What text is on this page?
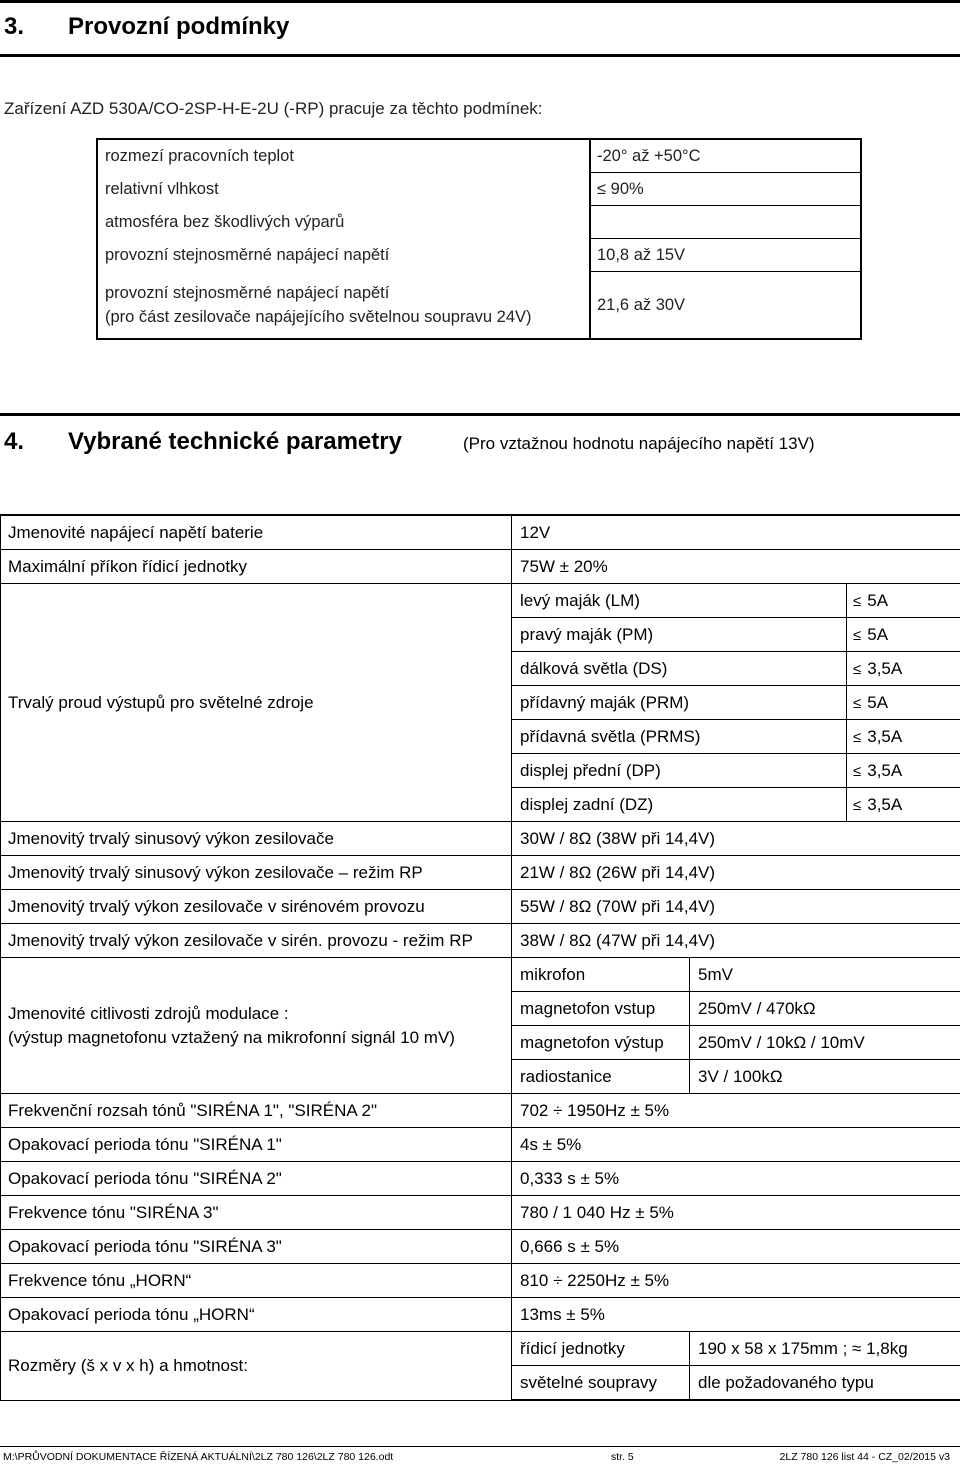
3. Provozní podmínky
Zařízení AZD 530A/CO-2SP-H-E-2U (-RP) pracuje za těchto podmínek:
rozmezí pracovních teplot	-20° až +50°C
relativní vlhkost	≤ 90%
atmosféra bez škodlivých výparů	
provozní stejnosměrné napájecí napětí	10,8 až 15V

provozní stejnosměrné napájecí napětí
(pro část zesilovače napájejícího světelnou soupravu 24V)	21,6 až 30V
4. Vybrané technické parametry	(Pro vztažnou hodnotu napájecího napětí 13V)
Jmenovité napájecí napětí baterie	12V		
Maximální příkon řídicí jednotky	75W ± 20%		
Trvalý proud výstupů pro světelné zdroje	levý maják (LM)		≤ 5A
	pravý maják (PM)		≤ 5A
	dálková světla (DS)		≤ 3,5A
	přídavný maják (PRM)		≤ 5A
	přídavná světla (PRMS)		≤ 3,5A
	displej přední (DP)		≤ 3,5A
	displej zadní (DZ)		≤ 3,5A
Jmenovitý trvalý sinusový výkon zesilovače	30W / 8Ω (38W při 14,4V)		
Jmenovitý trvalý sinusový výkon zesilovače – režim RP	21W / 8Ω (26W při 14,4V)		
Jmenovitý trvalý výkon zesilovače v sirénovém provozu	55W / 8Ω (70W při 14,4V)		
Jmenovitý trvalý výkon zesilovače v sirén. provozu - režim RP	38W / 8Ω (47W při 14,4V)		

Jmenovité citlivosti zdrojů modulace :
(výstup magnetofonu vztažený na mikrofonní signál 10 mV)	mikrofon	5mV	
	magnetofon vstup	250mV / 470kΩ	
	magnetofon výstup	250mV / 10kΩ / 10mV	
	radiostanice	3V / 100kΩ	
Frekvenční rozsah tónů "SIRÉNA 1", "SIRÉNA 2"	702 ÷ 1950Hz ± 5%		
Opakovací perioda tónu "SIRÉNA 1"	4s ± 5%		
Opakovací perioda tónu "SIRÉNA 2"	0,333 s ± 5%		
Frekvence tónu "SIRÉNA 3"	780 / 1 040 Hz ± 5%		
Opakovací perioda tónu "SIRÉNA 3"	0,666 s ± 5%		
Frekvence tónu „HORN“	810 ÷ 2250Hz ± 5%		
Opakovací perioda tónu „HORN“	13ms ± 5%		
Rozměry (š x v x h) a hmotnost:	řídicí jednotky	190 x 58 x 175mm ; ≈ 1,8kg	
	světelné soupravy	dle požadovaného typu	
M:\PRŮVODNÍ DOKUMENTACE ŘÍZENÁ AKTUÁLNÍ\2LZ 780 126\2LZ 780 126.odt	str. 5	2LZ 780 126 list 44 - CZ_02/2015 v3
